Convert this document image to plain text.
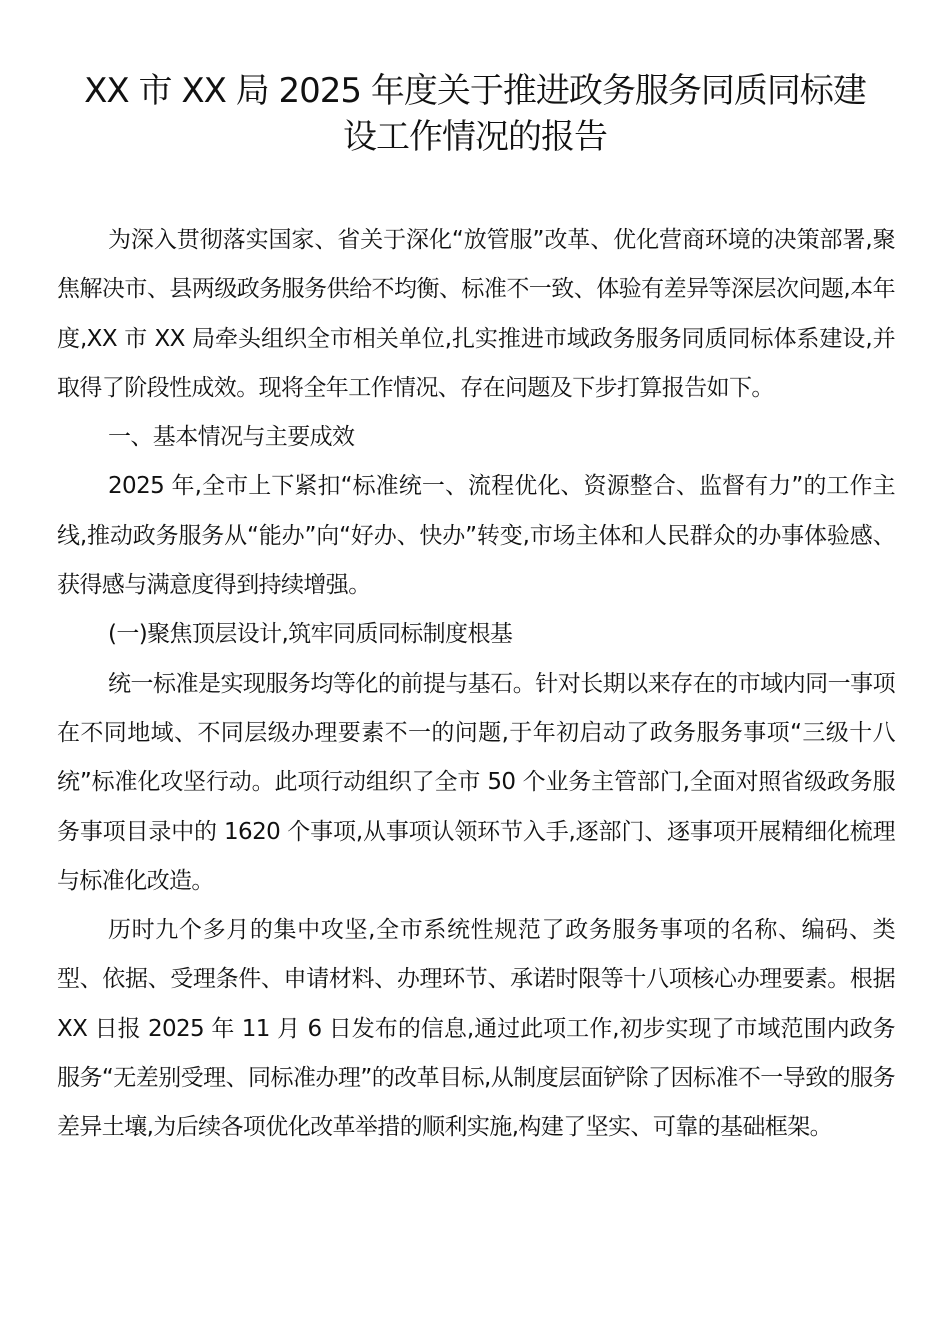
XX 市 XX 局 2025 年度关于推进政务服务同质同标建
设工作情况的报告

为深入贯彻落实国家、省关于深化“放管服”改革、优化营商环境的决策部署,聚焦解决市、县两级政务服务供给不均衡、标准不一致、体验有差异等深层次问题,本年度,XX 市 XX 局牵头组织全市相关单位,扎实推进市域政务服务同质同标体系建设,并取得了阶段性成效。现将全年工作情况、存在问题及下步打算报告如下。

一、基本情况与主要成效

2025 年,全市上下紧扣“标准统一、流程优化、资源整合、监督有力”的工作主线,推动政务服务从“能办”向“好办、快办”转变,市场主体和人民群众的办事体验感、获得感与满意度得到持续增强。

(一)聚焦顶层设计,筑牢同质同标制度根基

统一标准是实现服务均等化的前提与基石。针对长期以来存在的市域内同一事项在不同地域、不同层级办理要素不一的问题,于年初启动了政务服务事项“三级十八统”标准化攻坚行动。此项行动组织了全市 50 个业务主管部门,全面对照省级政务服务事项目录中的 1620 个事项,从事项认领环节入手,逐部门、逐事项开展精细化梳理与标准化改造。

历时九个多月的集中攻坚,全市系统性规范了政务服务事项的名称、编码、类型、依据、受理条件、申请材料、办理环节、承诺时限等十八项核心办理要素。根据 XX 日报 2025 年 11 月 6 日发布的信息,通过此项工作,初步实现了市域范围内政务服务“无差别受理、同标准办理”的改革目标,从制度层面铲除了因标准不一导致的服务差异土壤,为后续各项优化改革举措的顺利实施,构建了坚实、可靠的基础框架。
